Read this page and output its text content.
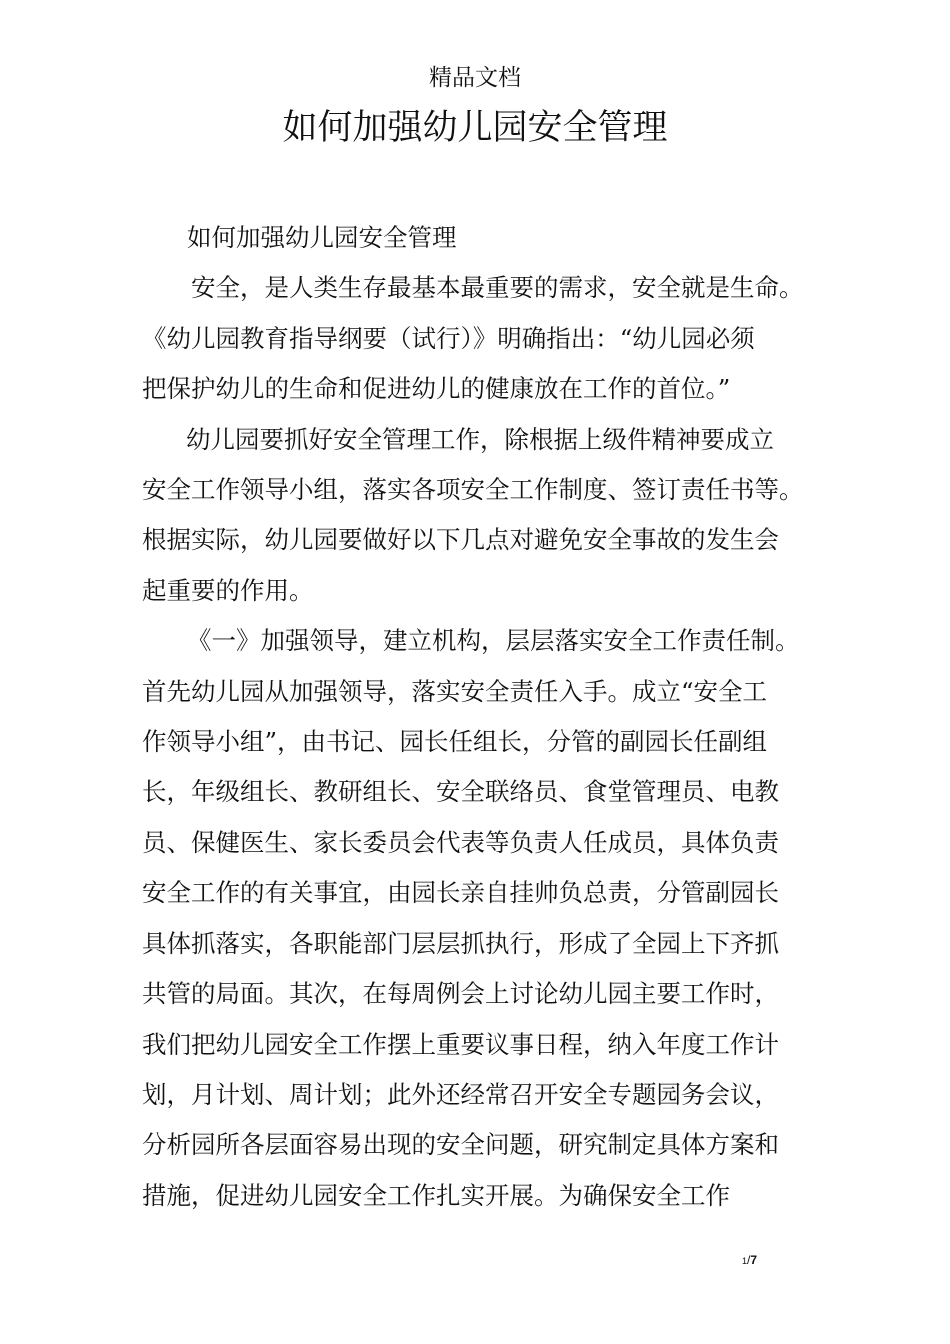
精品文档
如何加强幼儿园安全管理

如何加强幼儿园安全管理

安全，是人类生存最基本最重要的需求，安全就是生命。

《幼儿园教育指导纲要（试行）》明确指出：“幼儿园必须

把保护幼儿的生命和促进幼儿的健康放在工作的首位。”

幼儿园要抓好安全管理工作，除根据上级件精神要成立

安全工作领导小组，落实各项安全工作制度、签订责任书等。

根据实际，幼儿园要做好以下几点对避免安全事故的发生会

起重要的作用。

《一》加强领导，建立机构，层层落实安全工作责任制。

首先幼儿园从加强领导，落实安全责任入手。成立“安全工

作领导小组”，由书记、园长任组长，分管的副园长任副组

长，年级组长、教研组长、安全联络员、食堂管理员、电教

员、保健医生、家长委员会代表等负责人任成员，具体负责

安全工作的有关事宜，由园长亲自挂帅负总责，分管副园长

具体抓落实，各职能部门层层抓执行，形成了全园上下齐抓

共管的局面。其次，在每周例会上讨论幼儿园主要工作时，

我们把幼儿园安全工作摆上重要议事日程，纳入年度工作计

划，月计划、周计划；此外还经常召开安全专题园务会议，

分析园所各层面容易出现的安全问题，研究制定具体方案和

措施，促进幼儿园安全工作扎实开展。为确保安全工作

1/7
